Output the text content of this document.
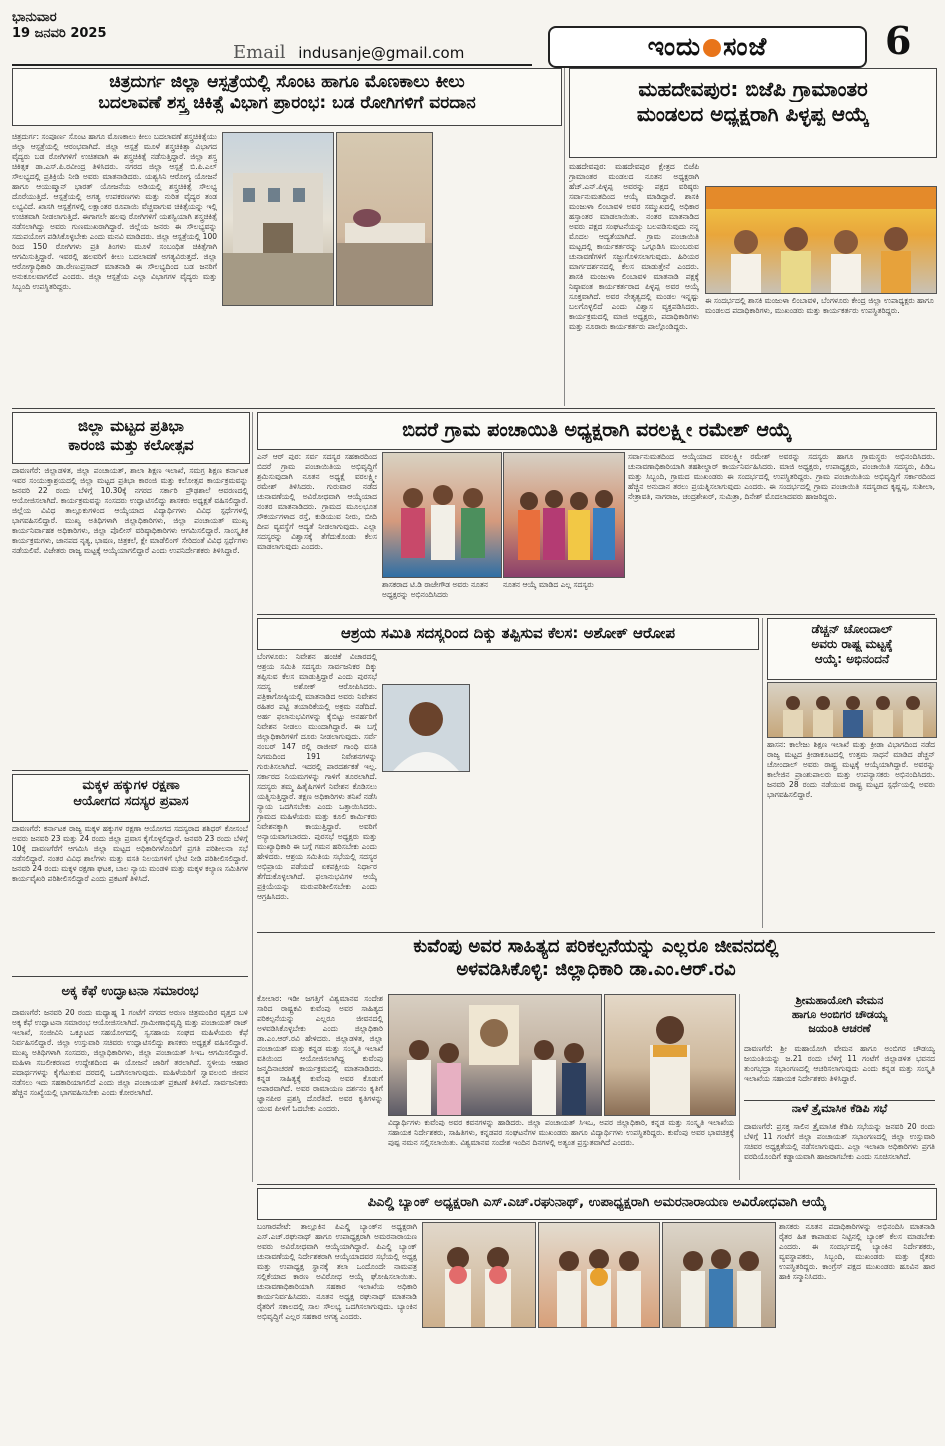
ಭಾನುವಾರ
19 ಜನವರಿ 2025
Email indusanje@gmail.com	ಇಂದು ಸಂಜೆ	6
ಚಿತ್ರದುರ್ಗ ಜಿಲ್ಲಾ ಆಸ್ಪತ್ರೆಯಲ್ಲಿ ಸೊಂಟ ಹಾಗೂ ಮೊಣಕಾಲು ಕೀಲು
ಬದಲಾವಣೆ ಶಸ್ತ್ರ ಚಿಕಿತ್ಸೆ ವಿಭಾಗ ಪ್ರಾರಂಭ: ಬಡ ರೋಗಿಗಳಿಗೆ ವರದಾನ
ಚಿತ್ರದುರ್ಗ: ಸಂಪೂರ್ಣ ಸೊಂಟ ಹಾಗೂ ಮೊಣಕಾಲು ಕೀಲು ಬದಲಾವಣೆ ಶಸ್ತ್ರಚಿಕಿತ್ಸೆಯು ಜಿಲ್ಲಾ ಆಸ್ಪತ್ರೆಯಲ್ಲಿ ಆರಂಭವಾಗಿದೆ. ಜಿಲ್ಲಾ ಆಸ್ಪತ್ರೆ ಮೂಳೆ ಶಸ್ತ್ರಚಿಕಿತ್ಸಾ ವಿಭಾಗದ ವೈದ್ಯರು ಬಡ ರೋಗಿಗಳಿಗೆ ಉಚಿತವಾಗಿ ಈ ಶಸ್ತ್ರಚಿಕಿತ್ಸೆ ನಡೆಸುತ್ತಿದ್ದಾರೆ. ಜಿಲ್ಲಾ ಶಸ್ತ್ರ ಚಿಕಿತ್ಸಕ ಡಾ.ಎಸ್.ಪಿ.ರವೀಂದ್ರ ತಿಳಿಸಿದರು. ನಗರದ ಜಿಲ್ಲಾ ಆಸ್ಪತ್ರೆ ಬಿ.ಪಿ.ಎಲ್ ಸೌಲಭ್ಯದಲ್ಲಿ ಪ್ರತಿಕ್ರಿಯೆ ನೀಡಿ ಅವರು ಮಾತನಾಡಿದರು. ಯಶ್ವಸಿನಿ ಆರೋಗ್ಯ ಯೋಜನೆ ಹಾಗೂ ಆಯುಷ್ಮಾನ್ ಭಾರತ್ ಯೋಜನೆಯ ಅಡಿಯಲ್ಲಿ ಶಸ್ತ್ರಚಿಕಿತ್ಸೆ ಸೌಲಭ್ಯ ದೊರೆಯುತ್ತಿದೆ. ಆಸ್ಪತ್ರೆಯಲ್ಲಿ ಅಗತ್ಯ ಉಪಕರಣಗಳು ಮತ್ತು ನುರಿತ ವೈದ್ಯರ ತಂಡ ಲಭ್ಯವಿದೆ. ಖಾಸಗಿ ಆಸ್ಪತ್ರೆಗಳಲ್ಲಿ ಲಕ್ಷಾಂತರ ರೂಪಾಯಿ ವೆಚ್ಚವಾಗುವ ಚಿಕಿತ್ಸೆಯನ್ನು ಇಲ್ಲಿ ಉಚಿತವಾಗಿ ನೀಡಲಾಗುತ್ತಿದೆ. ಈಗಾಗಲೇ ಹಲವು ರೋಗಿಗಳಿಗೆ ಯಶಸ್ವಿಯಾಗಿ ಶಸ್ತ್ರಚಿಕಿತ್ಸೆ ನಡೆಸಲಾಗಿದ್ದು ಅವರು ಗುಣಮುಖರಾಗಿದ್ದಾರೆ. ಜಿಲ್ಲೆಯ ಜನರು ಈ ಸೌಲಭ್ಯವನ್ನು ಸದುಪಯೋಗ ಪಡಿಸಿಕೊಳ್ಳಬೇಕು ಎಂದು ಮನವಿ ಮಾಡಿದರು. ಜಿಲ್ಲಾ ಆಸ್ಪತ್ರೆಯಲ್ಲಿ 100 ರಿಂದ 150 ರೋಗಿಗಳು ಪ್ರತಿ ತಿಂಗಳು ಮೂಳೆ ಸಂಬಂಧಿತ ಚಿಕಿತ್ಸೆಗಾಗಿ ಆಗಮಿಸುತ್ತಿದ್ದಾರೆ. ಇವರಲ್ಲಿ ಹಲವರಿಗೆ ಕೀಲು ಬದಲಾವಣೆ ಅಗತ್ಯವಿರುತ್ತದೆ. ಜಿಲ್ಲಾ ಆರೋಗ್ಯಾಧಿಕಾರಿ ಡಾ.ರೇಣುಪ್ರಸಾದ್ ಮಾತನಾಡಿ ಈ ಸೌಲಭ್ಯದಿಂದ ಬಡ ಜನರಿಗೆ ಅನುಕೂಲವಾಗಲಿದೆ ಎಂದರು. ಜಿಲ್ಲಾ ಆಸ್ಪತ್ರೆಯ ಎಲ್ಲಾ ವಿಭಾಗಗಳ ವೈದ್ಯರು ಮತ್ತು ಸಿಬ್ಬಂದಿ ಉಪಸ್ಥಿತರಿದ್ದರು.
ಮಹದೇವಪುರ: ಬಿಜೆಪಿ ಗ್ರಾಮಾಂತರ
ಮಂಡಲದ ಅಧ್ಯಕ್ಷರಾಗಿ ಪಿಳ್ಳಪ್ಪ ಆಯ್ಕೆ
ಮಹದೇವಪುರ: ಮಹದೇವಪುರ ಕ್ಷೇತ್ರದ ಬಿಜೆಪಿ ಗ್ರಾಮಾಂತರ ಮಂಡಲದ ನೂತನ ಅಧ್ಯಕ್ಷರಾಗಿ ಹೆಚ್.ಎನ್.ಪಿಳ್ಳಪ್ಪ ಅವರನ್ನು ಪಕ್ಷದ ವರಿಷ್ಠರು ಸರ್ವಾನುಮತದಿಂದ ಆಯ್ಕೆ ಮಾಡಿದ್ದಾರೆ. ಶಾಸಕಿ ಮಂಜುಳಾ ಲಿಂಬಾವಳಿ ಅವರ ಸಮ್ಮುಖದಲ್ಲಿ ಅಧಿಕಾರ ಹಸ್ತಾಂತರ ಮಾಡಲಾಯಿತು. ನಂತರ ಮಾತನಾಡಿದ ಅವರು ಪಕ್ಷದ ಸಂಘಟನೆಯನ್ನು ಬಲಪಡಿಸುವುದು ನನ್ನ ಮೊದಲ ಆದ್ಯತೆಯಾಗಿದೆ. ಗ್ರಾಮ ಪಂಚಾಯಿತಿ ಮಟ್ಟದಲ್ಲಿ ಕಾರ್ಯಕರ್ತರನ್ನು ಒಗ್ಗೂಡಿಸಿ ಮುಂಬರುವ ಚುನಾವಣೆಗಳಿಗೆ ಸಜ್ಜುಗೊಳಿಸಲಾಗುವುದು. ಹಿರಿಯರ ಮಾರ್ಗದರ್ಶನದಲ್ಲಿ ಕೆಲಸ ಮಾಡುತ್ತೇನೆ ಎಂದರು. ಶಾಸಕಿ ಮಂಜುಳಾ ಲಿಂಬಾವಳಿ ಮಾತನಾಡಿ ಪಕ್ಷಕ್ಕೆ ನಿಷ್ಠಾವಂತ ಕಾರ್ಯಕರ್ತರಾದ ಪಿಳ್ಳಪ್ಪ ಅವರ ಆಯ್ಕೆ ಸೂಕ್ತವಾಗಿದೆ. ಅವರ ನೇತೃತ್ವದಲ್ಲಿ ಮಂಡಲ ಇನ್ನಷ್ಟು ಬಲಗೊಳ್ಳಲಿದೆ ಎಂದು ವಿಶ್ವಾಸ ವ್ಯಕ್ತಪಡಿಸಿದರು. ಕಾರ್ಯಕ್ರಮದಲ್ಲಿ ಮಾಜಿ ಅಧ್ಯಕ್ಷರು, ಪದಾಧಿಕಾರಿಗಳು ಮತ್ತು ನೂರಾರು ಕಾರ್ಯಕರ್ತರು ಪಾಲ್ಗೊಂಡಿದ್ದರು.
ಈ ಸಂದರ್ಭದಲ್ಲಿ ಶಾಸಕಿ ಮಂಜುಳಾ ಲಿಂಬಾವಳಿ, ಬೆಂಗಳೂರು ಕೇಂದ್ರ ಜಿಲ್ಲಾ ಉಪಾಧ್ಯಕ್ಷರು ಹಾಗೂ ಮಂಡಲದ ಪದಾಧಿಕಾರಿಗಳು, ಮುಖಂಡರು ಮತ್ತು ಕಾರ್ಯಕರ್ತರು ಉಪಸ್ಥಿತರಿದ್ದರು.
ಜಿಲ್ಲಾ ಮಟ್ಟದ ಪ್ರತಿಭಾ
ಕಾರಂಜಿ ಮತ್ತು ಕಲೋತ್ಸವ
ದಾವಣಗೆರೆ: ಜಿಲ್ಲಾಡಳಿತ, ಜಿಲ್ಲಾ ಪಂಚಾಯತ್, ಶಾಲಾ ಶಿಕ್ಷಣ ಇಲಾಖೆ, ಸಮಗ್ರ ಶಿಕ್ಷಣ ಕರ್ನಾಟಕ ಇವರ ಸಂಯುಕ್ತಾಶ್ರಯದಲ್ಲಿ ಜಿಲ್ಲಾ ಮಟ್ಟದ ಪ್ರತಿಭಾ ಕಾರಂಜಿ ಮತ್ತು ಕಲೋತ್ಸವ ಕಾರ್ಯಕ್ರಮವನ್ನು ಜನವರಿ 22 ರಂದು ಬೆಳಿಗ್ಗೆ 10.30ಕ್ಕೆ ನಗರದ ಸರ್ಕಾರಿ ಪ್ರೌಢಶಾಲೆ ಆವರಣದಲ್ಲಿ ಆಯೋಜಿಸಲಾಗಿದೆ. ಕಾರ್ಯಕ್ರಮವನ್ನು ಸಂಸದರು ಉದ್ಘಾಟಿಸಲಿದ್ದು ಶಾಸಕರು ಅಧ್ಯಕ್ಷತೆ ವಹಿಸಲಿದ್ದಾರೆ. ಜಿಲ್ಲೆಯ ವಿವಿಧ ತಾಲ್ಲೂಕುಗಳಿಂದ ಆಯ್ಕೆಯಾದ ವಿದ್ಯಾರ್ಥಿಗಳು ವಿವಿಧ ಸ್ಪರ್ಧೆಗಳಲ್ಲಿ ಭಾಗವಹಿಸಲಿದ್ದಾರೆ. ಮುಖ್ಯ ಅತಿಥಿಗಳಾಗಿ ಜಿಲ್ಲಾಧಿಕಾರಿಗಳು, ಜಿಲ್ಲಾ ಪಂಚಾಯತ್ ಮುಖ್ಯ ಕಾರ್ಯನಿರ್ವಾಹಕ ಅಧಿಕಾರಿಗಳು, ಜಿಲ್ಲಾ ಪೊಲೀಸ್ ವರಿಷ್ಠಾಧಿಕಾರಿಗಳು ಆಗಮಿಸಲಿದ್ದಾರೆ. ಸಾಂಸ್ಕೃತಿಕ ಕಾರ್ಯಕ್ರಮಗಳು, ಜಾನಪದ ನೃತ್ಯ, ಭಾಷಣ, ಚಿತ್ರಕಲೆ, ಕ್ಲೇ ಮಾಡೆಲಿಂಗ್ ಸೇರಿದಂತೆ ವಿವಿಧ ಸ್ಪರ್ಧೆಗಳು ನಡೆಯಲಿವೆ. ವಿಜೇತರು ರಾಜ್ಯ ಮಟ್ಟಕ್ಕೆ ಆಯ್ಕೆಯಾಗಲಿದ್ದಾರೆ ಎಂದು ಉಪನಿರ್ದೇಶಕರು ತಿಳಿಸಿದ್ದಾರೆ.
ಬಿದರೆ ಗ್ರಾಮ ಪಂಚಾಯಿತಿ ಅಧ್ಯಕ್ಷರಾಗಿ ವರಲಕ್ಷ್ಮೀ ರಮೇಶ್ ಆಯ್ಕೆ
ಎನ್ ಆರ್ ಪುರ: ಸರ್ವ ಸದಸ್ಯರ ಸಹಕಾರದಿಂದ ಬಿದರೆ ಗ್ರಾಮ ಪಂಚಾಯಿತಿಯ ಅಭಿವೃದ್ಧಿಗೆ ಶ್ರಮಿಸುವುದಾಗಿ ನೂತನ ಅಧ್ಯಕ್ಷೆ ವರಲಕ್ಷ್ಮೀ ರಮೇಶ್ ತಿಳಿಸಿದರು. ಗುರುವಾರ ನಡೆದ ಚುನಾವಣೆಯಲ್ಲಿ ಅವಿರೋಧವಾಗಿ ಆಯ್ಕೆಯಾದ ನಂತರ ಮಾತನಾಡಿದರು. ಗ್ರಾಮದ ಮೂಲಭೂತ ಸೌಕರ್ಯಗಳಾದ ರಸ್ತೆ, ಕುಡಿಯುವ ನೀರು, ಬೀದಿ ದೀಪ ವ್ಯವಸ್ಥೆಗೆ ಆದ್ಯತೆ ನೀಡಲಾಗುವುದು. ಎಲ್ಲಾ ಸದಸ್ಯರನ್ನು ವಿಶ್ವಾಸಕ್ಕೆ ತೆಗೆದುಕೊಂಡು ಕೆಲಸ ಮಾಡಲಾಗುವುದು ಎಂದರು.
ಶಾಸಕರಾದ ಟಿ.ಡಿ ರಾಜೇಗೌಡ ಅವರು ನೂತನ ಅಧ್ಯಕ್ಷರನ್ನು ಅಭಿನಂದಿಸಿದರು
ನೂತನ ಆಯ್ಕೆ ಮಾಡಿದ ಎಲ್ಲ ಸದಸ್ಯರು
ಸರ್ವಾನುಮತದಿಂದ ಆಯ್ಕೆಯಾದ ವರಲಕ್ಷ್ಮೀ ರಮೇಶ್ ಅವರನ್ನು ಸದಸ್ಯರು ಹಾಗೂ ಗ್ರಾಮಸ್ಥರು ಅಭಿನಂದಿಸಿದರು. ಚುನಾವಣಾಧಿಕಾರಿಯಾಗಿ ತಹಶೀಲ್ದಾರ್ ಕಾರ್ಯನಿರ್ವಹಿಸಿದರು. ಮಾಜಿ ಅಧ್ಯಕ್ಷರು, ಉಪಾಧ್ಯಕ್ಷರು, ಪಂಚಾಯಿತಿ ಸದಸ್ಯರು, ಪಿಡಿಒ ಮತ್ತು ಸಿಬ್ಬಂದಿ, ಗ್ರಾಮದ ಮುಖಂಡರು ಈ ಸಂದರ್ಭದಲ್ಲಿ ಉಪಸ್ಥಿತರಿದ್ದರು. ಗ್ರಾಮ ಪಂಚಾಯಿತಿಯ ಅಭಿವೃದ್ಧಿಗೆ ಸರ್ಕಾರದಿಂದ ಹೆಚ್ಚಿನ ಅನುದಾನ ತರಲು ಪ್ರಯತ್ನಿಸಲಾಗುವುದು ಎಂದರು. ಈ ಸಂದರ್ಭದಲ್ಲಿ ಗ್ರಾಮ ಪಂಚಾಯಿತಿ ಸದಸ್ಯರಾದ ಕೃಷ್ಣಪ್ಪ, ಸುಶೀಲಾ, ನೇತ್ರಾವತಿ, ನಾಗರಾಜ, ಚಂದ್ರಶೇಖರ್, ಸುಮಿತ್ರಾ, ದಿನೇಶ್ ಮೊದಲಾದವರು ಹಾಜರಿದ್ದರು.
ಆಶ್ರಯ ಸಮಿತಿ ಸದಸ್ಯರಿಂದ ದಿಕ್ಕು ತಪ್ಪಿಸುವ ಕೆಲಸ: ಅಶೋಕ್ ಆರೋಪ
ಬೆಂಗಳೂರು: ನಿವೇಶನ ಹಂಚಿಕೆ ವಿಚಾರದಲ್ಲಿ ಆಶ್ರಯ ಸಮಿತಿ ಸದಸ್ಯರು ಸಾರ್ವಜನಿಕರ ದಿಕ್ಕು ತಪ್ಪಿಸುವ ಕೆಲಸ ಮಾಡುತ್ತಿದ್ದಾರೆ ಎಂದು ಪುರಸಭೆ ಸದಸ್ಯ ಅಶೋಕ್ ಆರೋಪಿಸಿದರು. ಪತ್ರಿಕಾಗೋಷ್ಠಿಯಲ್ಲಿ ಮಾತನಾಡಿದ ಅವರು ನಿವೇಶನ ರಹಿತರ ಪಟ್ಟಿ ತಯಾರಿಕೆಯಲ್ಲಿ ಅಕ್ರಮ ನಡೆದಿದೆ. ಅರ್ಹ ಫಲಾನುಭವಿಗಳನ್ನು ಕೈಬಿಟ್ಟು ಅನರ್ಹರಿಗೆ ನಿವೇಶನ ನೀಡಲು ಮುಂದಾಗಿದ್ದಾರೆ. ಈ ಬಗ್ಗೆ ಜಿಲ್ಲಾಧಿಕಾರಿಗಳಿಗೆ ದೂರು ನೀಡಲಾಗುವುದು. ಸರ್ವೆ ನಂಬರ್ 147 ರಲ್ಲಿ ರಾಜೀವ್ ಗಾಂಧಿ ವಸತಿ ನಿಗಮದಿಂದ 191 ನಿವೇಶನಗಳನ್ನು ಗುರುತಿಸಲಾಗಿದೆ. ಇದರಲ್ಲಿ ಪಾರದರ್ಶಕತೆ ಇಲ್ಲ. ಸರ್ಕಾರದ ನಿಯಮಗಳನ್ನು ಗಾಳಿಗೆ ತೂರಲಾಗಿದೆ. ಸದಸ್ಯರು ತಮ್ಮ ಹಿತೈಷಿಗಳಿಗೆ ನಿವೇಶನ ಕೊಡಿಸಲು ಯತ್ನಿಸುತ್ತಿದ್ದಾರೆ. ತಕ್ಷಣ ಅಧಿಕಾರಿಗಳು ತನಿಖೆ ನಡೆಸಿ ನ್ಯಾಯ ಒದಗಿಸಬೇಕು ಎಂದು ಒತ್ತಾಯಿಸಿದರು. ಗ್ರಾಮದ ಮಹಿಳೆಯರು ಮತ್ತು ಕೂಲಿ ಕಾರ್ಮಿಕರು ನಿವೇಶನಕ್ಕಾಗಿ ಕಾಯುತ್ತಿದ್ದಾರೆ. ಅವರಿಗೆ ಅನ್ಯಾಯವಾಗಬಾರದು. ಪುರಸಭೆ ಅಧ್ಯಕ್ಷರು ಮತ್ತು ಮುಖ್ಯಾಧಿಕಾರಿ ಈ ಬಗ್ಗೆ ಗಮನ ಹರಿಸಬೇಕು ಎಂದು ಹೇಳಿದರು. ಆಶ್ರಯ ಸಮಿತಿಯ ಸಭೆಯಲ್ಲಿ ಸದಸ್ಯರ ಅಭಿಪ್ರಾಯ ಪಡೆಯದೆ ಏಕಪಕ್ಷೀಯ ನಿರ್ಧಾರ ತೆಗೆದುಕೊಳ್ಳಲಾಗಿದೆ. ಫಲಾನುಭವಿಗಳ ಆಯ್ಕೆ ಪ್ರಕ್ರಿಯೆಯನ್ನು ಮರುಪರಿಶೀಲಿಸಬೇಕು ಎಂದು ಆಗ್ರಹಿಸಿದರು.
ಡೆಚ್ಚನ್ ಚೋಂದಾಲ್
ಅವರು ರಾಷ್ಟ್ರ ಮಟ್ಟಕ್ಕೆ
ಆಯ್ಕೆ: ಅಭಿನಂದನೆ
ಹಾಸನ: ಕಾಲೇಜು ಶಿಕ್ಷಣ ಇಲಾಖೆ ಮತ್ತು ಕ್ರೀಡಾ ವಿಭಾಗದಿಂದ ನಡೆದ ರಾಜ್ಯ ಮಟ್ಟದ ಕ್ರೀಡಾಕೂಟದಲ್ಲಿ ಉತ್ತಮ ಸಾಧನೆ ಮಾಡಿದ ಡೆಚ್ಚನ್ ಚೋಂದಾಲ್ ಅವರು ರಾಷ್ಟ್ರ ಮಟ್ಟಕ್ಕೆ ಆಯ್ಕೆಯಾಗಿದ್ದಾರೆ. ಅವರನ್ನು ಕಾಲೇಜಿನ ಪ್ರಾಂಶುಪಾಲರು ಮತ್ತು ಉಪನ್ಯಾಸಕರು ಅಭಿನಂದಿಸಿದರು. ಜನವರಿ 28 ರಂದು ನಡೆಯುವ ರಾಷ್ಟ್ರ ಮಟ್ಟದ ಸ್ಪರ್ಧೆಯಲ್ಲಿ ಅವರು ಭಾಗವಹಿಸಲಿದ್ದಾರೆ.
ಮಕ್ಕಳ ಹಕ್ಕುಗಳ ರಕ್ಷಣಾ
ಆಯೋಗದ ಸದಸ್ಯರ ಪ್ರವಾಸ
ದಾವಣಗೆರೆ: ಕರ್ನಾಟಕ ರಾಜ್ಯ ಮಕ್ಕಳ ಹಕ್ಕುಗಳ ರಕ್ಷಣಾ ಆಯೋಗದ ಸದಸ್ಯರಾದ ಶಶಿಧರ್ ಕೋಸಂಬೆ ಅವರು ಜನವರಿ 23 ಮತ್ತು 24 ರಂದು ಜಿಲ್ಲಾ ಪ್ರವಾಸ ಕೈಗೊಳ್ಳಲಿದ್ದಾರೆ. ಜನವರಿ 23 ರಂದು ಬೆಳಿಗ್ಗೆ 10ಕ್ಕೆ ದಾವಣಗೆರೆಗೆ ಆಗಮಿಸಿ ಜಿಲ್ಲಾ ಮಟ್ಟದ ಅಧಿಕಾರಿಗಳೊಂದಿಗೆ ಪ್ರಗತಿ ಪರಿಶೀಲನಾ ಸಭೆ ನಡೆಸಲಿದ್ದಾರೆ. ನಂತರ ವಿವಿಧ ಶಾಲೆಗಳು ಮತ್ತು ವಸತಿ ನಿಲಯಗಳಿಗೆ ಭೇಟಿ ನೀಡಿ ಪರಿಶೀಲಿಸಲಿದ್ದಾರೆ. ಜನವರಿ 24 ರಂದು ಮಕ್ಕಳ ರಕ್ಷಣಾ ಘಟಕ, ಬಾಲ ನ್ಯಾಯ ಮಂಡಳಿ ಮತ್ತು ಮಕ್ಕಳ ಕಲ್ಯಾಣ ಸಮಿತಿಗಳ ಕಾರ್ಯವೈಖರಿ ಪರಿಶೀಲಿಸಲಿದ್ದಾರೆ ಎಂದು ಪ್ರಕಟಣೆ ತಿಳಿಸಿದೆ.
ಕುವೆಂಪು ಅವರ ಸಾಹಿತ್ಯದ ಪರಿಕಲ್ಪನೆಯನ್ನು ಎಲ್ಲರೂ ಜೀವನದಲ್ಲಿ
ಅಳವಡಿಸಿಕೊಳ್ಳಿ: ಜಿಲ್ಲಾಧಿಕಾರಿ ಡಾ.ಎಂ.ಆರ್.ರವಿ
ಕೋಲಾರ: ಇಡೀ ಜಗತ್ತಿಗೆ ವಿಶ್ವಮಾನವ ಸಂದೇಶ ಸಾರಿದ ರಾಷ್ಟ್ರಕವಿ ಕುವೆಂಪು ಅವರ ಸಾಹಿತ್ಯದ ಪರಿಕಲ್ಪನೆಯನ್ನು ಎಲ್ಲರೂ ಜೀವನದಲ್ಲಿ ಅಳವಡಿಸಿಕೊಳ್ಳಬೇಕು ಎಂದು ಜಿಲ್ಲಾಧಿಕಾರಿ ಡಾ.ಎಂ.ಆರ್.ರವಿ ಹೇಳಿದರು. ಜಿಲ್ಲಾಡಳಿತ, ಜಿಲ್ಲಾ ಪಂಚಾಯತ್ ಮತ್ತು ಕನ್ನಡ ಮತ್ತು ಸಂಸ್ಕೃತಿ ಇಲಾಖೆ ವತಿಯಿಂದ ಆಯೋಜಿಸಲಾಗಿದ್ದ ಕುವೆಂಪು ಜನ್ಮದಿನಾಚರಣೆ ಕಾರ್ಯಕ್ರಮದಲ್ಲಿ ಮಾತನಾಡಿದರು. ಕನ್ನಡ ಸಾಹಿತ್ಯಕ್ಕೆ ಕುವೆಂಪು ಅವರ ಕೊಡುಗೆ ಅಪಾರವಾಗಿದೆ. ಅವರ ರಾಮಾಯಣ ದರ್ಶನಂ ಕೃತಿಗೆ ಜ್ಞಾನಪೀಠ ಪ್ರಶಸ್ತಿ ದೊರೆತಿದೆ. ಅವರ ಕೃತಿಗಳನ್ನು ಯುವ ಪೀಳಿಗೆ ಓದಬೇಕು ಎಂದರು.
ವಿದ್ಯಾರ್ಥಿಗಳು ಕುವೆಂಪು ಅವರ ಕವನಗಳನ್ನು ಹಾಡಿದರು. ಜಿಲ್ಲಾ ಪಂಚಾಯತ್ ಸಿಇಒ, ಅಪರ ಜಿಲ್ಲಾಧಿಕಾರಿ, ಕನ್ನಡ ಮತ್ತು ಸಂಸ್ಕೃತಿ ಇಲಾಖೆಯ ಸಹಾಯಕ ನಿರ್ದೇಶಕರು, ಸಾಹಿತಿಗಳು, ಕನ್ನಡಪರ ಸಂಘಟನೆಗಳ ಮುಖಂಡರು ಹಾಗೂ ವಿದ್ಯಾರ್ಥಿಗಳು ಉಪಸ್ಥಿತರಿದ್ದರು. ಕುವೆಂಪು ಅವರ ಭಾವಚಿತ್ರಕ್ಕೆ ಪುಷ್ಪ ನಮನ ಸಲ್ಲಿಸಲಾಯಿತು. ವಿಶ್ವಮಾನವ ಸಂದೇಶ ಇಂದಿನ ದಿನಗಳಲ್ಲಿ ಅತ್ಯಂತ ಪ್ರಸ್ತುತವಾಗಿದೆ ಎಂದರು.
ಅಕ್ಕ ಕೆಫೆ ಉದ್ಘಾಟನಾ ಸಮಾರಂಭ
ದಾವಣಗೆರೆ: ಜನವರಿ 20 ರಂದು ಮಧ್ಯಾಹ್ನ 1 ಗಂಟೆಗೆ ನಗರದ ಅರುಣ ಚಿತ್ರಮಂದಿರ ವೃತ್ತದ ಬಳಿ ಅಕ್ಕ ಕೆಫೆ ಉದ್ಘಾಟನಾ ಸಮಾರಂಭ ಆಯೋಜಿಸಲಾಗಿದೆ. ಗ್ರಾಮೀಣಾಭಿವೃದ್ಧಿ ಮತ್ತು ಪಂಚಾಯತ್ ರಾಜ್ ಇಲಾಖೆ, ಸಂಜೀವಿನಿ ಒಕ್ಕೂಟದ ಸಹಯೋಗದಲ್ಲಿ ಸ್ವಸಹಾಯ ಸಂಘದ ಮಹಿಳೆಯರು ಕೆಫೆ ನಿರ್ವಹಿಸಲಿದ್ದಾರೆ. ಜಿಲ್ಲಾ ಉಸ್ತುವಾರಿ ಸಚಿವರು ಉದ್ಘಾಟಿಸಲಿದ್ದು ಶಾಸಕರು ಅಧ್ಯಕ್ಷತೆ ವಹಿಸಲಿದ್ದಾರೆ. ಮುಖ್ಯ ಅತಿಥಿಗಳಾಗಿ ಸಂಸದರು, ಜಿಲ್ಲಾಧಿಕಾರಿಗಳು, ಜಿಲ್ಲಾ ಪಂಚಾಯತ್ ಸಿಇಒ ಆಗಮಿಸಲಿದ್ದಾರೆ. ಮಹಿಳಾ ಸಬಲೀಕರಣದ ಉದ್ದೇಶದಿಂದ ಈ ಯೋಜನೆ ಜಾರಿಗೆ ತರಲಾಗಿದೆ. ಸ್ಥಳೀಯ ಆಹಾರ ಪದಾರ್ಥಗಳನ್ನು ಕೈಗೆಟುಕುವ ದರದಲ್ಲಿ ಒದಗಿಸಲಾಗುವುದು. ಮಹಿಳೆಯರಿಗೆ ಸ್ವಾವಲಂಬಿ ಜೀವನ ನಡೆಸಲು ಇದು ಸಹಕಾರಿಯಾಗಲಿದೆ ಎಂದು ಜಿಲ್ಲಾ ಪಂಚಾಯತ್ ಪ್ರಕಟಣೆ ತಿಳಿಸಿದೆ. ಸಾರ್ವಜನಿಕರು ಹೆಚ್ಚಿನ ಸಂಖ್ಯೆಯಲ್ಲಿ ಭಾಗವಹಿಸಬೇಕು ಎಂದು ಕೋರಲಾಗಿದೆ.
ಶ್ರೀಮಹಾಯೋಗಿ ವೇಮನ
ಹಾಗೂ ಅಂಬಿಗರ ಚೌಡಯ್ಯ
ಜಯಂತಿ ಆಚರಣೆ
ದಾವಣಗೆರೆ: ಶ್ರೀ ಮಹಾಯೋಗಿ ವೇಮನ ಹಾಗೂ ಅಂಬಿಗರ ಚೌಡಯ್ಯ ಜಯಂತಿಯನ್ನು ಜ.21 ರಂದು ಬೆಳಿಗ್ಗೆ 11 ಗಂಟೆಗೆ ಜಿಲ್ಲಾಡಳಿತ ಭವನದ ತುಂಗಭದ್ರಾ ಸಭಾಂಗಣದಲ್ಲಿ ಆಚರಿಸಲಾಗುವುದು ಎಂದು ಕನ್ನಡ ಮತ್ತು ಸಂಸ್ಕೃತಿ ಇಲಾಖೆಯ ಸಹಾಯಕ ನಿರ್ದೇಶಕರು ತಿಳಿಸಿದ್ದಾರೆ.
ನಾಳೆ ತ್ರೈಮಾಸಿಕ ಕೆಡಿಪಿ ಸಭೆ
ದಾವಣಗೆರೆ: ಪ್ರಸಕ್ತ ಸಾಲಿನ ತ್ರೈಮಾಸಿಕ ಕೆಡಿಪಿ ಸಭೆಯನ್ನು ಜನವರಿ 20 ರಂದು ಬೆಳಿಗ್ಗೆ 11 ಗಂಟೆಗೆ ಜಿಲ್ಲಾ ಪಂಚಾಯತ್ ಸಭಾಂಗಣದಲ್ಲಿ ಜಿಲ್ಲಾ ಉಸ್ತುವಾರಿ ಸಚಿವರ ಅಧ್ಯಕ್ಷತೆಯಲ್ಲಿ ನಡೆಸಲಾಗುವುದು. ಎಲ್ಲಾ ಇಲಾಖಾ ಅಧಿಕಾರಿಗಳು ಪ್ರಗತಿ ವರದಿಯೊಂದಿಗೆ ಕಡ್ಡಾಯವಾಗಿ ಹಾಜರಾಗಬೇಕು ಎಂದು ಸೂಚಿಸಲಾಗಿದೆ.
ಪಿಎಲ್ಡಿ ಬ್ಯಾಂಕ್ ಅಧ್ಯಕ್ಷರಾಗಿ ಎಸ್.ಎಚ್.ರಘುನಾಥ್, ಉಪಾಧ್ಯಕ್ಷರಾಗಿ ಅಮರನಾರಾಯಣ ಅವಿರೋಧವಾಗಿ ಆಯ್ಕೆ
ಬಂಗಾರಪೇಟೆ: ತಾಲ್ಲೂಕಿನ ಪಿಎಲ್ಡಿ ಬ್ಯಾಂಕ್‌ನ ಅಧ್ಯಕ್ಷರಾಗಿ ಎಸ್.ಎಚ್.ರಘುನಾಥ್ ಹಾಗೂ ಉಪಾಧ್ಯಕ್ಷರಾಗಿ ಅಮರನಾರಾಯಣ ಅವರು ಅವಿರೋಧವಾಗಿ ಆಯ್ಕೆಯಾಗಿದ್ದಾರೆ. ಪಿಎಲ್ಡಿ ಬ್ಯಾಂಕ್ ಚುನಾವಣೆಯಲ್ಲಿ ನಿರ್ದೇಶಕರಾಗಿ ಆಯ್ಕೆಯಾದವರ ಸಭೆಯಲ್ಲಿ ಅಧ್ಯಕ್ಷ ಮತ್ತು ಉಪಾಧ್ಯಕ್ಷ ಸ್ಥಾನಕ್ಕೆ ತಲಾ ಒಂದೊಂದೇ ನಾಮಪತ್ರ ಸಲ್ಲಿಕೆಯಾದ ಕಾರಣ ಅವಿರೋಧ ಆಯ್ಕೆ ಘೋಷಿಸಲಾಯಿತು. ಚುನಾವಣಾಧಿಕಾರಿಯಾಗಿ ಸಹಕಾರ ಇಲಾಖೆಯ ಅಧಿಕಾರಿ ಕಾರ್ಯನಿರ್ವಹಿಸಿದರು. ನೂತನ ಅಧ್ಯಕ್ಷ ರಘುನಾಥ್ ಮಾತನಾಡಿ ರೈತರಿಗೆ ಸಕಾಲದಲ್ಲಿ ಸಾಲ ಸೌಲಭ್ಯ ಒದಗಿಸಲಾಗುವುದು. ಬ್ಯಾಂಕಿನ ಅಭಿವೃದ್ಧಿಗೆ ಎಲ್ಲರ ಸಹಕಾರ ಅಗತ್ಯ ಎಂದರು.
ಶಾಸಕರು ನೂತನ ಪದಾಧಿಕಾರಿಗಳನ್ನು ಅಭಿನಂದಿಸಿ ಮಾತನಾಡಿ ರೈತರ ಹಿತ ಕಾಪಾಡುವ ನಿಟ್ಟಿನಲ್ಲಿ ಬ್ಯಾಂಕ್ ಕೆಲಸ ಮಾಡಬೇಕು ಎಂದರು. ಈ ಸಂದರ್ಭದಲ್ಲಿ ಬ್ಯಾಂಕಿನ ನಿರ್ದೇಶಕರು, ವ್ಯವಸ್ಥಾಪಕರು, ಸಿಬ್ಬಂದಿ, ಮುಖಂಡರು ಮತ್ತು ರೈತರು ಉಪಸ್ಥಿತರಿದ್ದರು. ಕಾಂಗ್ರೆಸ್ ಪಕ್ಷದ ಮುಖಂಡರು ಹೂವಿನ ಹಾರ ಹಾಕಿ ಸನ್ಮಾನಿಸಿದರು.
